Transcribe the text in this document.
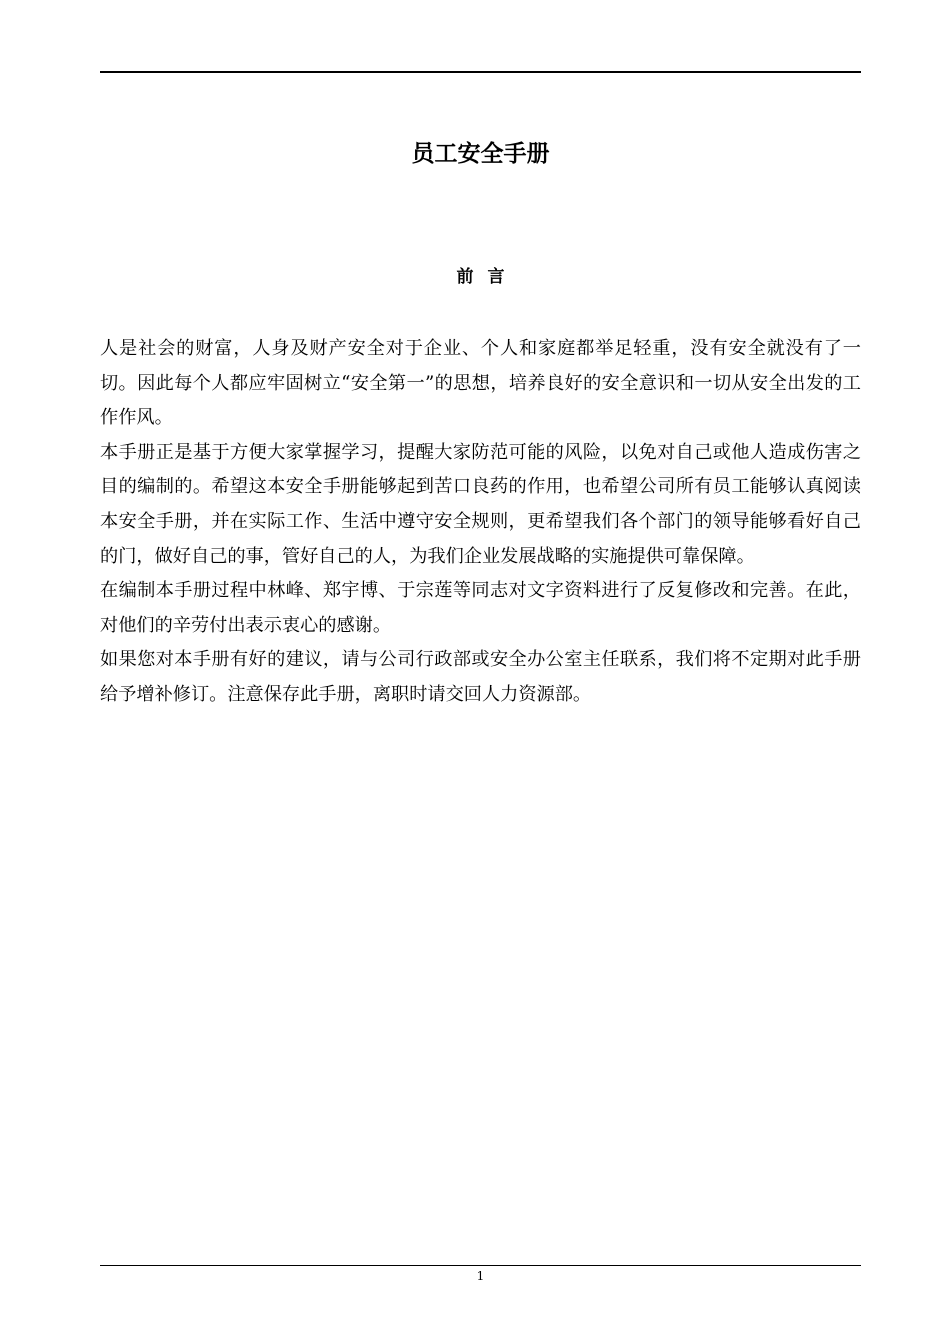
员工安全手册
前言

人是社会的财富，人身及财产安全对于企业、个人和家庭都举足轻重，没有安全就没有了一切。因此每个人都应牢固树立“安全第一”的思想，培养良好的安全意识和一切从安全出发的工作作风。

本手册正是基于方便大家掌握学习，提醒大家防范可能的风险，以免对自己或他人造成伤害之目的编制的。希望这本安全手册能够起到苦口良药的作用，也希望公司所有员工能够认真阅读本安全手册，并在实际工作、生活中遵守安全规则，更希望我们各个部门的领导能够看好自己的门，做好自己的事，管好自己的人，为我们企业发展战略的实施提供可靠保障。

在编制本手册过程中林峰、郑宇博、于宗莲等同志对文字资料进行了反复修改和完善。在此，对他们的辛劳付出表示衷心的感谢。

如果您对本手册有好的建议，请与公司行政部或安全办公室主任联系，我们将不定期对此手册给予增补修订。注意保存此手册，离职时请交回人力资源部。

1
